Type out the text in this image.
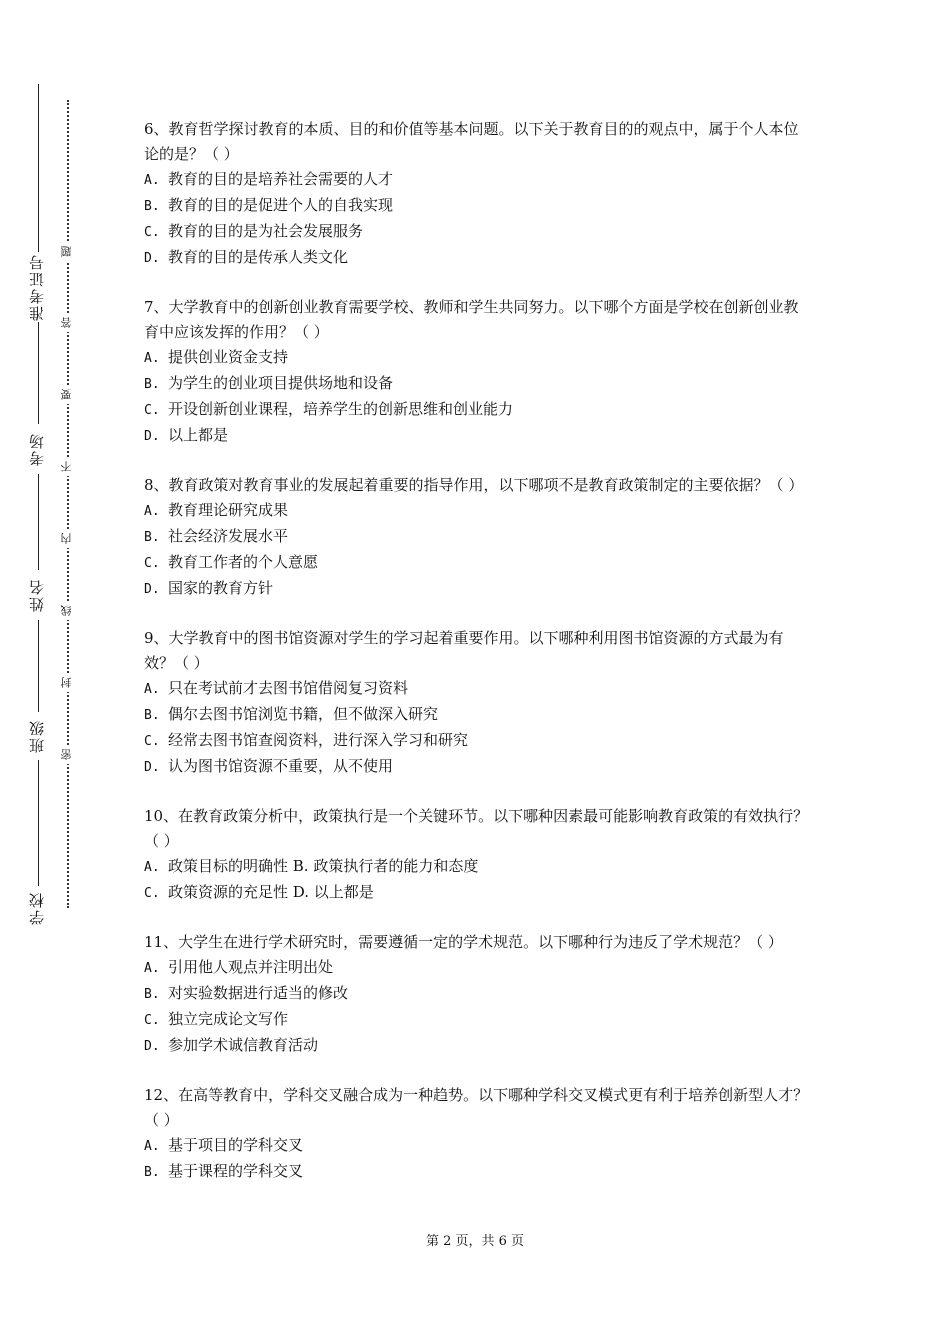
准考证号
考场
姓名
班级
学校
题
答
要
不
内
线
封
密

6、教育哲学探讨教育的本质、目的和价值等基本问题。以下关于教育目的的观点中，属于个人本位论的是？（ ）

A. 教育的目的是培养社会需要的人才

B. 教育的目的是促进个人的自我实现

C. 教育的目的是为社会发展服务

D. 教育的目的是传承人类文化

7、大学教育中的创新创业教育需要学校、教师和学生共同努力。以下哪个方面是学校在创新创业教育中应该发挥的作用？（ ）

A. 提供创业资金支持

B. 为学生的创业项目提供场地和设备

C. 开设创新创业课程，培养学生的创新思维和创业能力

D. 以上都是

8、教育政策对教育事业的发展起着重要的指导作用，以下哪项不是教育政策制定的主要依据？（ ）

A. 教育理论研究成果

B. 社会经济发展水平

C. 教育工作者的个人意愿

D. 国家的教育方针

9、大学教育中的图书馆资源对学生的学习起着重要作用。以下哪种利用图书馆资源的方式最为有效？（ ）

A. 只在考试前才去图书馆借阅复习资料

B. 偶尔去图书馆浏览书籍，但不做深入研究

C. 经常去图书馆查阅资料，进行深入学习和研究

D. 认为图书馆资源不重要，从不使用

10、在教育政策分析中，政策执行是一个关键环节。以下哪种因素最可能影响教育政策的有效执行？（ ）

A. 政策目标的明确性 B. 政策执行者的能力和态度

C. 政策资源的充足性 D. 以上都是

11、大学生在进行学术研究时，需要遵循一定的学术规范。以下哪种行为违反了学术规范？（ ）

A. 引用他人观点并注明出处

B. 对实验数据进行适当的修改

C. 独立完成论文写作

D. 参加学术诚信教育活动

12、在高等教育中，学科交叉融合成为一种趋势。以下哪种学科交叉模式更有利于培养创新型人才？（ ）

A. 基于项目的学科交叉

B. 基于课程的学科交叉

第 2 页，共 6 页
